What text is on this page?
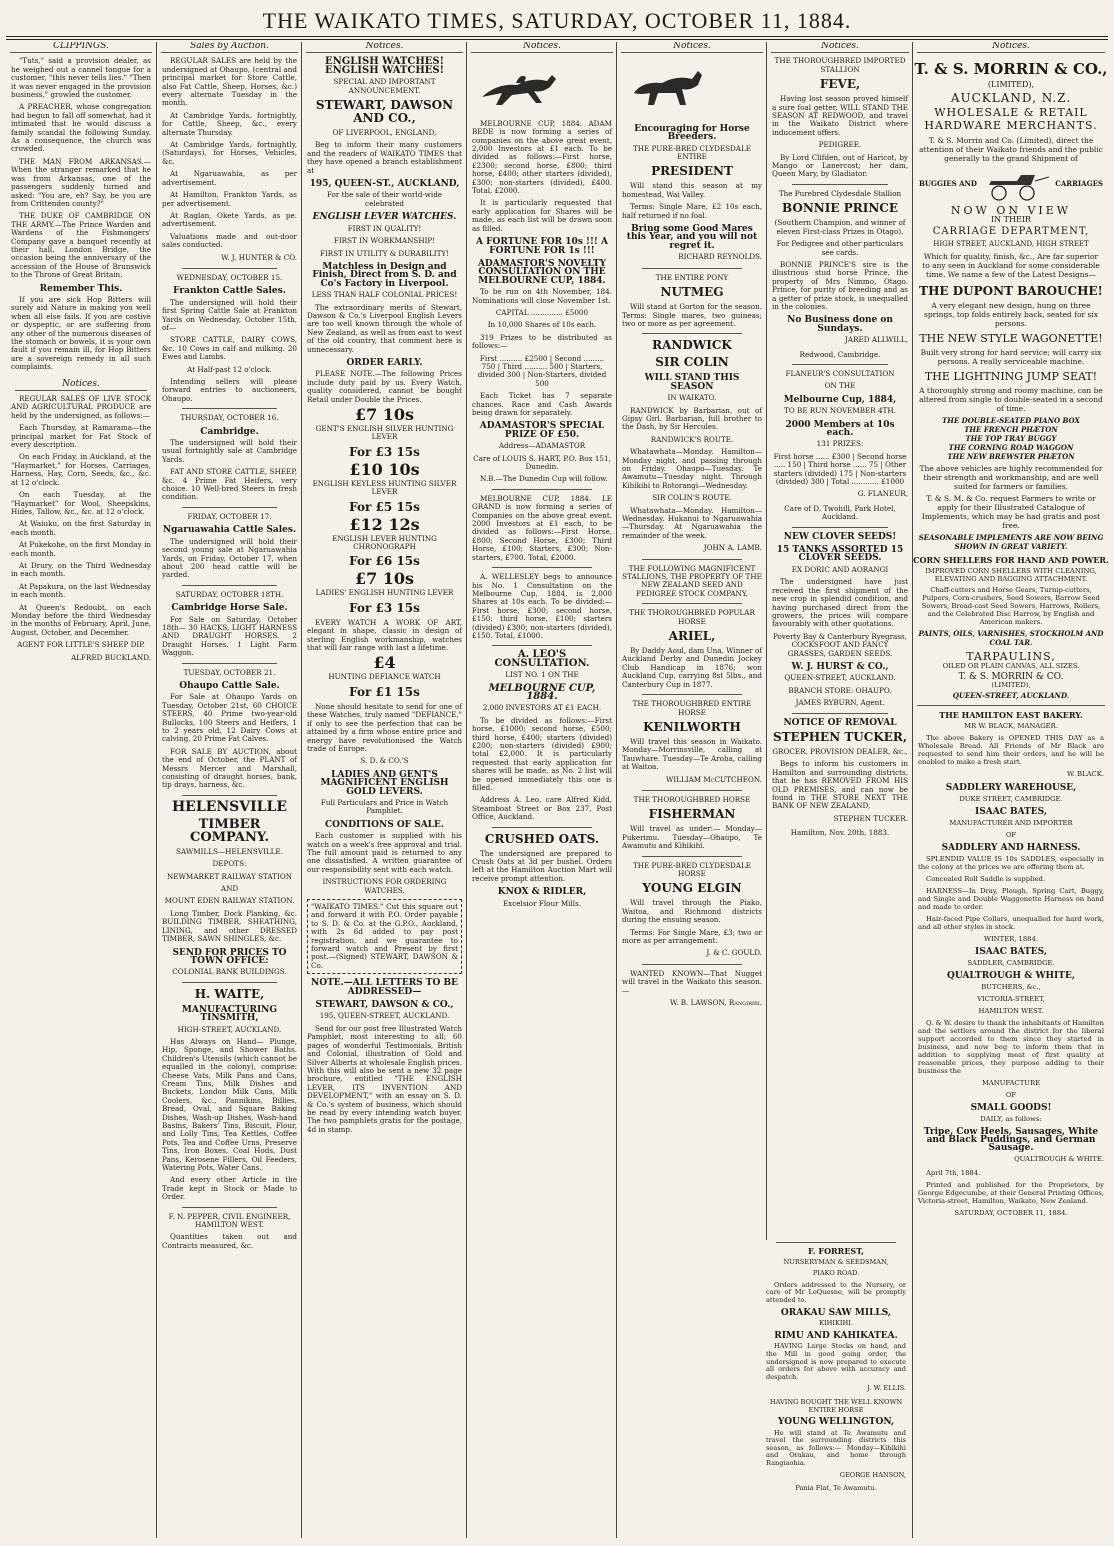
THE WAIKATO TIMES, SATURDAY, OCTOBER 11, 1884.
CLIPPINGS.

"Tuts," said a provision dealer, as he weighed out a cannel tongue for a customer, "this never tells lies." "Then it was never engaged in the provision business," growled the customer.

A PREACHER, whose congregation had begun to fall off somewhat, had it intimated that he would discuss a family scandal the following Sunday. As a consequence, the church was crowded.

THE MAN FROM ARKANSAS.—When the stranger remarked that he was from Arkansas, one of the passengers suddenly turned and asked: "You are, eh? Say, be you are from Crittenden county?"

THE DUKE OF CAMBRIDGE ON THE ARMY.—The Prince Warden and Wardens of the Fishmongers' Company gave a banquet recently at their hall, London Bridge, the occasion being the anniversary of the accession of the House of Brunswick to the Throne of Great Britain.

Remember This.

If you are sick Hop Bitters will surely aid Nature in making you well when all else fails. If you are costive or dyspeptic, or are suffering from any other of the numerous diseases of the stomach or bowels, it is your own fault if you remain ill, for Hop Bitters are a sovereign remedy in all such complaints.

Notices.

REGULAR SALES OF LIVE STOCK AND AGRICULTURAL PRODUCE are held by the undersigned, as follows:—

Each Thursday, at Ramarama—the principal market for Fat Stock of every description.

On each Friday, in Auckland, at the "Haymarket," for Horses, Carriages, Harness, Hay, Corn, Seeds, &c., &c. at 12 o'clock.

On each Tuesday, at the "Haymarket" for Wool, Sheepskins, Hides, Tallow, &c., &c. at 12 o'clock.

At Waiuku, on the first Saturday in each month.

At Pukekohe, on the first Monday in each month.

At Drury, on the Third Wednesday in each month.

At Papakura, on the last Wednesday in each month.

At Queen's Redoubt, on each Monday before the third Wednesday in the months of February, April, June, August, October, and December.

AGENT FOR LITTLE'S SHEEP DIP.

ALFRED BUCKLAND.
Sales by Auction.

REGULAR SALES are held by the undersigned at Ohaupo, (central and principal market for Store Cattle, also Fat Cattle, Sheep, Horses, &c.) every alternate Tuesday in the month.

At Cambridge Yards, fortnightly, for Cattle, Sheep, &c., every alternate Thursday.

At Cambridge Yards, fortnightly, (Saturdays), for Horses, Vehicles, &c.

At Ngaruawahia, as per advertisement.

At Hamilton, Frankton Yards, as per advertisement.

At Raglan, Okete Yards, as pe. advertisement.

Valuations made and out-door sales conducted.

W. J. HUNTER & CO.

WEDNESDAY, OCTOBER 15.

Frankton Cattle Sales.

The undersigned will hold their first Spring Cattle Sale at Frankton Yards on Wednesday, October 15th, of—

STORE CATTLE, DAIRY COWS, &c. 10 Cows in calf and milking. 20 Ewes and Lambs.

At Half-past 12 o'clock.

Intending sellers will please forward entries to auctioneers, Ohaupo.

THURSDAY, OCTOBER 16.

Cambridge.

The undersigned will hold their usual fortnightly sale at Cambridge Yards.

FAT AND STORE CATTLE, SHEEP, &c. 4 Prime Fat Heifers, very choice. 10 Well-bred Steers in fresh condition.

FRIDAY, OCTOBER 17.

Ngaruawahia Cattle Sales.

The undersigned will hold their second young sale at Ngaruawahia Yards, on Friday, October 17, when about 200 head cattle will be yarded.

SATURDAY, OCTOBER 18TH.

Cambridge Horse Sale.

For Sale on Saturday, October 18th— 30 HACKS, LIGHT HARNESS AND DRAUGHT HORSES. 2 Draught Horses. 1 Light Farm Waggon.

TUESDAY, OCTOBER 21.

Ohaupo Cattle Sale.

For Sale at Ohaupo Yards on Tuesday, October 21st, 60 CHOICE STEERS, 40 Prime two-year-old Bullocks, 100 Steers and Heifers, 1 to 2 years old, 12 Dairy Cows at calving, 20 Prime Fat Calves.

FOR SALE BY AUCTION, about the end of October, the PLANT of Messrs Mercer and Marshall, consisting of draught horses, bank, tip drays, harness, &c.

HELENSVILLE
TIMBER COMPANY.

SAWMILLS—HELENSVILLE.

DEPOTS:

NEWMARKET RAILWAY STATION

AND

MOUNT EDEN RAILWAY STATION.

Long Timber, Dock Planking, &c. BUILDING TIMBER, SHEATHING, LINING, and other DRESSED TIMBER, SAWN SHINGLES, &c.

SEND FOR PRICES TO TOWN OFFICE:

COLONIAL BANK BUILDINGS.

H. WAITE,
MANUFACTURING TINSMITH,

HIGH-STREET, AUCKLAND.

Has Always on Hand— Plunge, Hip, Sponge, and Shower Baths. Children's Utensils (which cannot be equalled in the colony), comprise: Cheese Vats, Milk Pans and Cans, Cream Tins, Milk Dishes and Buckets, London Milk Cans, Milk Coolers, &c., Pannikins, Billies, Bread, Oval, and Square Baking Dishes, Wash-up Dishes, Wash-hand Basins, Bakers' Tins, Biscuit, Flour, and Lolly Tins, Tea Kettles, Coffee Pots, Tea and Coffee Urns, Preserve Tins, Iron Boxes, Coal Hods, Dust Pans, Kerosene Fillers, Oil Feeders, Watering Pots, Water Cans.

And every other Article in the Trade kept in Stock or Made to Order.

F. N. PEPPER, CIVIL ENGINEER, HAMILTON WEST.

Quantities taken out and Contracts measured, &c.

Notices.
ENGLISH WATCHES! ENGLISH WATCHES!

SPECIAL AND IMPORTANT ANNOUNCEMENT.

STEWART, DAWSON AND CO.,

OF LIVERPOOL, ENGLAND,

Beg to inform their many customers and the readers of WAIKATO TIMES that they have opened a branch establishment at

195, QUEEN-ST., AUCKLAND,

For the sale of their world-wide celebrated

ENGLISH LEVER WATCHES.

FIRST IN QUALITY!

FIRST IN WORKMANSHIP!

FIRST IN UTILITY & DURABILITY!

Matchless in Design and Finish, Direct from S. D. and Co's Factory in Liverpool.

LESS THAN HALF COLONIAL PRICES!

The extraordinary merits of Stewart, Dawson & Co.'s Liverpool English Levers are too well known through the whole of New Zealand, as well as from east to west of the old country, that comment here is unnecessary.

ORDER EARLY.

PLEASE NOTE.—The following Prices include duty paid by us. Every Watch, quality considered, cannot be bought Retail under Double the Prices.

£7 10s

GENT'S ENGLISH SILVER HUNTING LEVER

For £3 15s
£10 10s

ENGLISH KEYLESS HUNTING SILVER LEVER

For £5 15s
£12 12s

ENGLISH LEVER HUNTING CHRONOGRAPH

For £6 15s
£7 10s

LADIES' ENGLISH HUNTING LEVER

For £3 15s

EVERY WATCH A WORK OF ART, elegant in shape, classic in design of sterling English workmanship, watches that will fair range with last a lifetime.

£4

HUNTING DEFIANCE WATCH

For £1 15s

None should hesitate to send for one of these Watches, truly named "DEFIANCE," if only to see the perfection that can be attained by a firm whose entire price and energy have revolutionised the Watch trade of Europe.

S. D. & CO.'S

LADIES AND GENT'S MAGNIFICENT ENGLISH GOLD LEVERS.

Full Particulars and Price in Watch Pamphlet.

CONDITIONS OF SALE.

Each customer is supplied with his watch on a week's free approval and trial. The full amount paid is returned to any one dissatisfied. A written guarantee of our responsibility sent with each watch.

INSTRUCTIONS FOR ORDERING WATCHES.

"WAIKATO TIMES." Cut this square out and forward it with P.O. Order payable to S. D. & Co. at the G.P.O., Auckland, with 2s 6d added to pay post registration, and we guarantee to forward watch and Present by first post.—(Signed) STEWART, DAWSON & Co.

NOTE.—ALL LETTERS TO BE ADDRESSED—
STEWART, DAWSON & CO.,

195, QUEEN-STREET, AUCKLAND.

Send for our post free Illustrated Watch Pamphlet, most interesting to all; 60 pages of wonderful Testimonials, British and Colonial, illustration of Gold and Silver Alberts at wholesale English prices. With this will also be sent a new 32 page brochure, entitled "THE ENGLISH LEVER, ITS INVENTION AND DEVELOPMENT," with an essay on S. D. & Co.'s system of business, which should be read by every intending watch buyer. The two pamphlets gratis for the postage, 4d in stamp.

Notices.

MELBOURNE CUP, 1884. ADAM BEDE is now forming a series of companies on the above great event, 2,000 Investors at £1 each. To be divided as follows:—First horse, £2300; second horse, £800; third horse, £400; other starters (divided), £300; non-starters (divided), £400. Total, £2000.

It is particularly requested that early application for Shares will be made, as each list will be drawn soon as filled.

A FORTUNE FOR 10s !!! A FORTUNE FOR 1s !!!
ADAMASTOR'S NOVELTY CONSULTATION ON THE MELBOURNE CUP, 1884.

To be run on 4th November, 184. Nominations will close November 1st.

CAPITAL .............. £5000

In 10,000 Shares of 10s each.

319 Prizes to be distributed as follows:—

First .......... £2500 | Second ......... 750 | Third .......... 500 | Starters, divided 300 | Non-Starters, divided 500

Each Ticket has 7 separate chances. Race and Cash Awards being drawn for separately.

ADAMASTOR'S SPECIAL PRIZE OF £50.

Address—ADAMASTOR

Care of LOUIS S. HART, P.O. Box 151, Dunedin.

N.B.—The Dunedin Cup will follow.

MELBOURNE CUP, 1884. LE GRAND is now forming a series of Companies on the above great event. 2000 Investors at £1 each, to be divided as follows:—First Horse, £800; Second Horse, £300; Third Horse, £100; Starters, £300; Non-starters, £700. Total, £2000.

A. WELLESLEY begs to announce his No. 1 Consultation on the Melbourne Cup, 1884, is 2,000 Shares at 10s each. To be divided:—First horse, £300; second horse, £150; third horse, £100; starters (divided) £300; non-starters (divided), £150. Total, £1000.

A. LEO'S CONSULTATION.

LIST NO. 1 ON THE

MELBOURNE CUP, 1884.

2,000 INVESTORS AT £1 EACH.

To be divided as follows:—First horse, £1000; second horse, £500; third horse, £400; starters (divided) £200; non-starters (divided) £900; total £2,000. It is particularly requested that early application for shares will be made, as No. 2 list will be opened immediately this one is filled.

Address A. Leo, care Alfred Kidd, Steamboat Street or Box 237, Post Office, Auckland.

CRUSHED OATS.

The undersigned are prepared to Crush Oats at 3d per bushel. Orders left at the Hamilton Auction Mart will receive prompt attention.

KNOX & RIDLER,

Excelsior Flour Mills.

Notices.
Encouraging for Horse Breeders.

THE PURE-BRED CLYDESDALE ENTIRE

PRESIDENT

Will stand this season at my homestead, Wai Valley.

Terms: Single Mare, £2 10s each, half returned if no foal.

Bring some Good Mares this Year, and you will not regret it.
RICHARD REYNOLDS.

THE ENTIRE PONY

NUTMEG

Will stand at Gorton for the season. Terms: Single mares, two guineas; two or more as per agreement.

RANDWICK
SIR COLIN
WILL STAND THIS SEASON

IN WAIKATO.

RANDWICK by Barbarian, out of Gipsy Girl. Barbarian, full brother to the Dash, by Sir Hercules.

RANDWICK'S ROUTE.

Whatawhata—Monday. Hamilton—Monday night, and passing through on Friday. Ohaupo—Tuesday. Te Awamutu—Tuesday night. Through Kihikihi to Rotorangi—Wednesday.

SIR COLIN'S ROUTE.

Whatawhata—Monday. Hamilton—Wednesday. Hukanui to Ngaruawahia—Thursday. At Ngaruawahia the remainder of the week.

JOHN A. LAMB.

THE FOLLOWING MAGNIFICENT STALLIONS, THE PROPERTY OF THE NEW ZEALAND SEED AND PEDIGREE STOCK COMPANY,

THE THOROUGHBRED POPULAR HORSE

ARIEL,

By Daddy Aoul, dam Una. Winner of Auckland Derby and Dunedin Jockey Club Handicap in 1876; won Auckland Cup, carrying 8st 5lbs., and Canterbury Cup in 1877.

THE THOROUGHBRED ENTIRE HORSE

KENILWORTH

Will travel this season in Waikato. Monday—Morrinsville, calling at Tauwhare. Tuesday—Te Aroha, calling at Waitoa.

WILLIAM McCUTCHEON.

THE THOROUGHBRED HORSE

FISHERMAN

Will travel as under:— Monday—Pukerimu. Tuesday—Ohaupo, Te Awamutu and Kihikihi.

THE PURE-BRED CLYDESDALE HORSE

YOUNG ELGIN

Will travel through the Piako, Waitoa, and Richmond districts during the ensuing season.

Terms: For Single Mare, £3; two or more as per arrangement.

J. & C. GOULD.

WANTED KNOWN—That Nugget will travel in the Waikato this season.—

W. B. LAWSON, Rangiriri.
Notices.

THE THOROUGHBRED IMPORTED STALLION

FEVE,

Having lost season proved himself a sure foal getter, WILL STAND THE SEASON AT REDWOOD, and travel in the Waikato District where inducement offers.

PEDIGREE.

By Lord Clifden, out of Haricot, by Mango or Lanercost; her dam, Queen Mary, by Gladiator.

The Purebred Clydesdale Stallion

BONNIE PRINCE

(Southern Champion, and winner of eleven First-class Prizes in Otago).

For Pedigree and other particulars see cards.

BONNIE PRINCE'S sire is the illustrious stud horse Prince, the property of Mrs Nimmo, Otago. Prince, for purity of breeding and as a getter of prize stock, is unequalled in the colonies.

No Business done on Sundays.
JARED ALLWILL,

Redwood, Cambridge.

FLANEUR'S CONSULTATION

ON THE

Melbourne Cup, 1884,

TO BE RUN NOVEMBER 4TH.

2000 Members at 10s each.

131 PRIZES:

First horse ...... £300 | Second horse ..... 150 | Third horse ...... 75 | Other starters (divided) 175 | Non-starters (divided) 300 | Total ............ £1000

G. FLANEUR,

Care of D. Twohill, Park Hotel, Auckland.

NEW CLOVER SEEDS!
15 TANKS ASSORTED 15 CLOVER SEEDS.

EX DORIC AND AORANGI

The undersigned have just received the first shipment of the new crop in splendid condition, and having purchased direct from the growers, the prices will compare favourably with other quotations.

Poverty Bay & Canterbury Ryegrass, COCKSFOOT AND FANCY GRASSES, GARDEN SEEDS.

W. J. HURST & CO.,

QUEEN-STREET, AUCKLAND.

BRANCH STORE: OHAUPO.

JAMES RYBURN, Agent.

NOTICE OF REMOVAL
STEPHEN TUCKER,

GROCER, PROVISION DEALER, &c.,

Begs to inform his customers in Hamilton and surrounding districts, that he has REMOVED FROM HIS OLD PREMISES, and can now be found in THE STORE NEXT THE BANK OF NEW ZEALAND,

STEPHEN TUCKER.

Hamilton, Nov. 20th, 1883.

Notices.
T. & S. MORRIN & CO.,
(LIMITED),
AUCKLAND, N.Z.
WHOLESALE & RETAIL HARDWARE MERCHANTS.
T. & S. Morrin and Co. (Limited), direct the attention of their Waikato friends and the public generally to the grand Shipment of
BUGGIES AND	CARRIAGES
NOW ON VIEW
IN THEIR
CARRIAGE DEPARTMENT,
HIGH STREET, AUCKLAND, HIGH STREET
Which for quality, finish, &c., Are far superior to any seen in Auckland for some considerable time. We name a few of the Latest Designs—
THE DUPONT BAROUCHE!
A very elegant new design, hung on three springs, top folds entirely back, seated for six persons.
THE NEW STYLE WAGONETTE!
Built very strong for hard service; will carry six persons. A really serviceable machine.
THE LIGHTNING JUMP SEAT!
A thoroughly strong and roomy machine, can be altered from single to double-seated in a second of time.
THE DOUBLE-SEATED PIANO BOX
THE FRENCH PHÆTON
THE TOP TRAY BUGGY
THE CORNING ROAD WAGGON
THE NEW BREWSTER PHÆTON
The above vehicles are highly recommended for their strength and workmanship, and are well suited for farmers or families.
T. & S. M. & Co. request Farmers to write or apply for their Illustrated Catalogue of Implements, which may be had gratis and post free.
SEASONABLE IMPLEMENTS ARE NOW BEING SHOWN IN GREAT VARIETY.
CORN SHELLERS FOR HAND AND POWER.
IMPROVED CORN SHELLERS WITH CLEANING, ELEVATING AND BAGGING ATTACHMENT.
Chaff-cutters and Horse Gears, Turnip-cutters, Pulpers, Corn-crushers, Seed Sowers, Barrow Seed Sowers, Broad-cast Seed Sowers, Harrows, Rollers, and the Celebrated Disc Harrow, by English and American makers.
PAINTS, OILS, VARNISHES, STOCKHOLM AND COAL TAR.
TARPAULINS,
OILED OR PLAIN CANVAS, ALL SIZES.
T. & S. MORRIN & CO.
(LIMITED),
QUEEN-STREET, AUCKLAND.
THE HAMILTON EAST BAKERY.

MR W. BLACK, MANAGER.

The above Bakery is OPENED THIS DAY as a Wholesale Bread. All Friends of Mr Black are requested to send him their orders, and he will be enabled to make a fresh start.

W. BLACK.
SADDLERY WAREHOUSE,

DUKE STREET, CAMBRIDGE.

ISAAC BATES,

MANUFACTURER AND IMPORTER

OF

SADDLERY AND HARNESS.

SPLENDID VALUE IS 10s SADDLES, especially in the colony at the prices we are offering them at.

Concealed Roll Saddle is supplied.

HARNESS—In Dray, Plough, Spring Cart, Buggy, and Single and Double Waggonette Harness on hand and made to order.

Hair-faced Pipe Collars, unequalled for hard work, and all other styles in stock.

WINTER, 1884.

ISAAC BATES,

SADDLER, CAMBRIDGE.

QUALTROUGH & WHITE,

BUTCHERS, &c.,

VICTORIA-STREET,

HAMILTON WEST.

Q. & W. desire to thank the inhabitants of Hamilton and the settlers around the district for the liberal support accorded to them since they started in business, and now beg to inform them that in addition to supplying meat of first quality at reasonable prices, they purpose adding to their business the

MANUFACTURE

OF

SMALL GOODS!

DAILY, as follows:

Tripe, Cow Heels, Sausages, White and Black Puddings, and German Sausage.
QUALTROUGH & WHITE.

April 7th, 1884.

Printed and published for the Proprietors, by George Edgecumbe, at their General Printing Offices, Victoria-street, Hamilton, Waikato, New Zealand.

SATURDAY, OCTOBER 11, 1884.

F. FORREST,

NURSERYMAN & SEEDSMAN,

PIAKO ROAD.

Orders addressed to the Nursery, or care of Mr LeQuesne, will be promptly attended to.

ORAKAU SAW MILLS,

KIHIKIHI.

RIMU AND KAHIKATEA.

HAVING Large Stocks on hand, and the Mill in good going order, the undersigned is now prepared to execute all orders for above with accuracy and despatch.

J. W. ELLIS.

HAVING BOUGHT THE WELL KNOWN ENTIRE HORSE

YOUNG WELLINGTON,

He will stand at Te Awamutu and travel the surrounding districts this season, as follows:— Monday—Kihikihi and Orakau, and home through Rangiaohia.

GEORGE HANSON,

Pania Flat, Te Awamutu.
